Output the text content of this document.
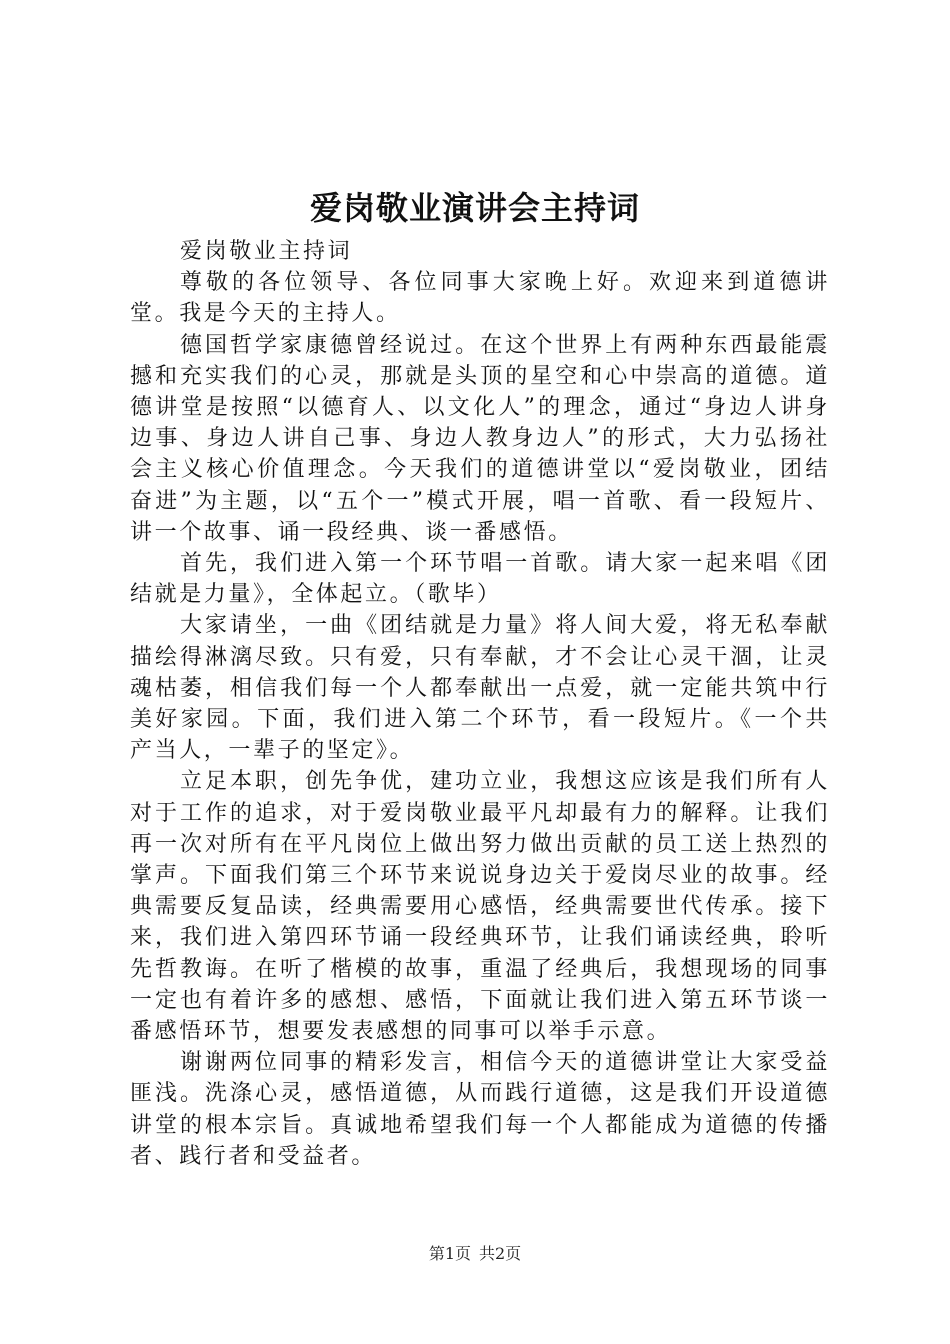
爱岗敬业演讲会主持词

爱岗敬业主持词

尊敬的各位领导、各位同事大家晚上好。欢迎来到道德讲堂。我是今天的主持人。

德国哲学家康德曾经说过。在这个世界上有两种东西最能震撼和充实我们的心灵，那就是头顶的星空和心中崇高的道德。道德讲堂是按照“以德育人、以文化人”的理念，通过“身边人讲身边事、身边人讲自己事、身边人教身边人”的形式，大力弘扬社会主义核心价值理念。今天我们的道德讲堂以“爱岗敬业，团结奋进”为主题，以“五个一”模式开展，唱一首歌、看一段短片、讲一个故事、诵一段经典、谈一番感悟。

首先，我们进入第一个环节唱一首歌。请大家一起来唱《团结就是力量》，全体起立。（歌毕）

大家请坐，一曲《团结就是力量》将人间大爱，将无私奉献描绘得淋漓尽致。只有爱，只有奉献，才不会让心灵干涸，让灵魂枯萎，相信我们每一个人都奉献出一点爱，就一定能共筑中行美好家园。下面，我们进入第二个环节，看一段短片。《一个共产当人，一辈子的坚定》。

立足本职，创先争优，建功立业，我想这应该是我们所有人对于工作的追求，对于爱岗敬业最平凡却最有力的解释。让我们再一次对所有在平凡岗位上做出努力做出贡献的员工送上热烈的掌声。下面我们第三个环节来说说身边关于爱岗尽业的故事。经典需要反复品读，经典需要用心感悟，经典需要世代传承。接下来，我们进入第四环节诵一段经典环节，让我们诵读经典，聆听先哲教诲。在听了楷模的故事，重温了经典后，我想现场的同事一定也有着许多的感想、感悟，下面就让我们进入第五环节谈一番感悟环节，想要发表感想的同事可以举手示意。

谢谢两位同事的精彩发言，相信今天的道德讲堂让大家受益匪浅。洗涤心灵，感悟道德，从而践行道德，这是我们开设道德讲堂的根本宗旨。真诚地希望我们每一个人都能成为道德的传播者、践行者和受益者。

第1页 共2页
